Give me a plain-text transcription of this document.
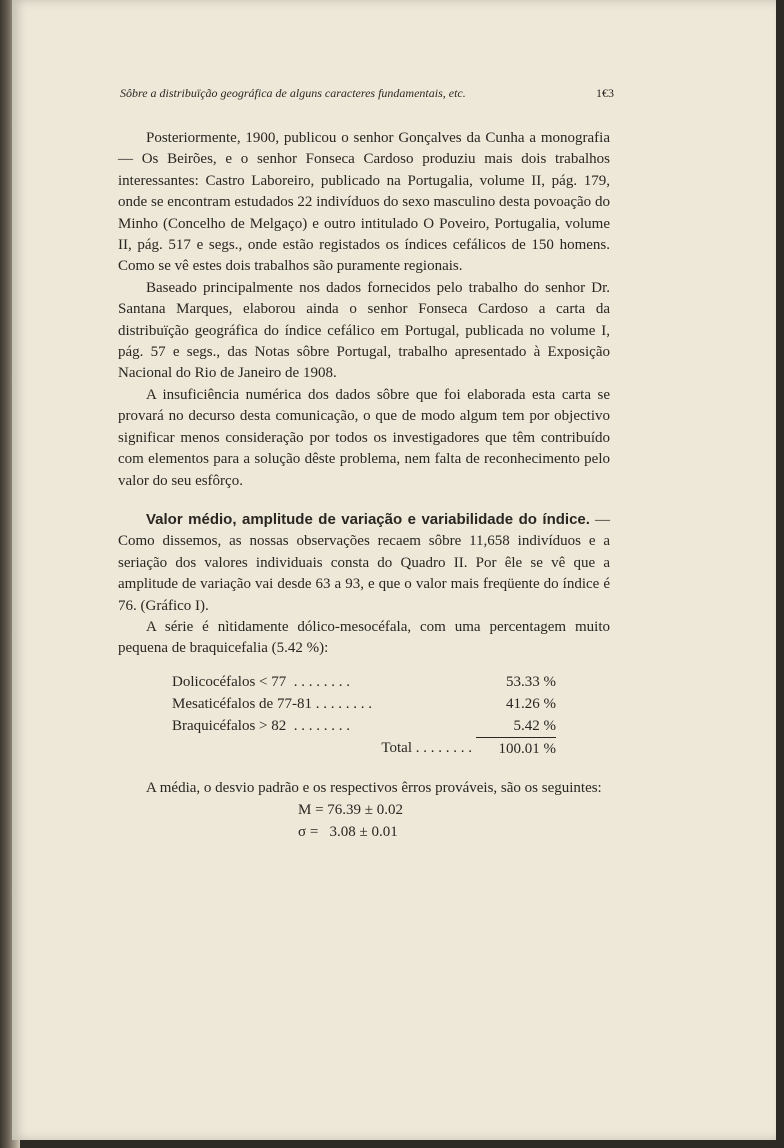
Sôbre a distribuïção geográfica de alguns caracteres fundamentais, etc.	1€3

Posteriormente, 1900, publicou o senhor Gonçalves da Cunha a monografia — Os Beirões, e o senhor Fonseca Cardoso produziu mais dois trabalhos interessantes: Castro Laboreiro, publicado na Portugalia, volume II, pág. 179, onde se encontram estudados 22 indivíduos do sexo masculino desta povoação do Minho (Concelho de Melgaço) e outro intitulado O Poveiro, Portugalia, volume II, pág. 517 e segs., onde estão registados os índices cefálicos de 150 homens. Como se vê estes dois trabalhos são puramente regionais.

Baseado principalmente nos dados fornecidos pelo trabalho do senhor Dr. Santana Marques, elaborou ainda o senhor Fonseca Cardoso a carta da distribuïção geográfica do índice cefálico em Portugal, publicada no volume I, pág. 57 e segs., das Notas sôbre Portugal, trabalho apresentado à Exposição Nacional do Rio de Janeiro de 1908.

A insuficiência numérica dos dados sôbre que foi elaborada esta carta se provará no decurso desta comunicação, o que de modo algum tem por objectivo significar menos consideração por todos os investigadores que têm contribuído com elementos para a solução dêste problema, nem falta de reconhecimento pelo valor do seu esfôrço.

Valor médio, amplitude de variação e variabilidade do índice. — Como dissemos, as nossas observações recaem sôbre 11,658 indivíduos e a seriação dos valores individuais consta do Quadro II. Por êle se vê que a amplitude de variação vai desde 63 a 93, e que o valor mais freqüente do índice é 76. (Gráfico I).

A série é nìtidamente dólico-mesocéfala, com uma percentagem muito pequena de braquicefalia (5.42 %):

Dolicocéfalos < 77  . . . . . . . .	53.33 %
Mesaticéfalos de 77-81 . . . . . . . .	41.26 %
Braquicéfalos > 82  . . . . . . . .	5.42 %
Total . . . . . . . .	100.01 %

A média, o desvio padrão e os respectivos êrros prováveis, são os seguintes:

M = 76.39 ± 0.02
σ =   3.08 ± 0.01
